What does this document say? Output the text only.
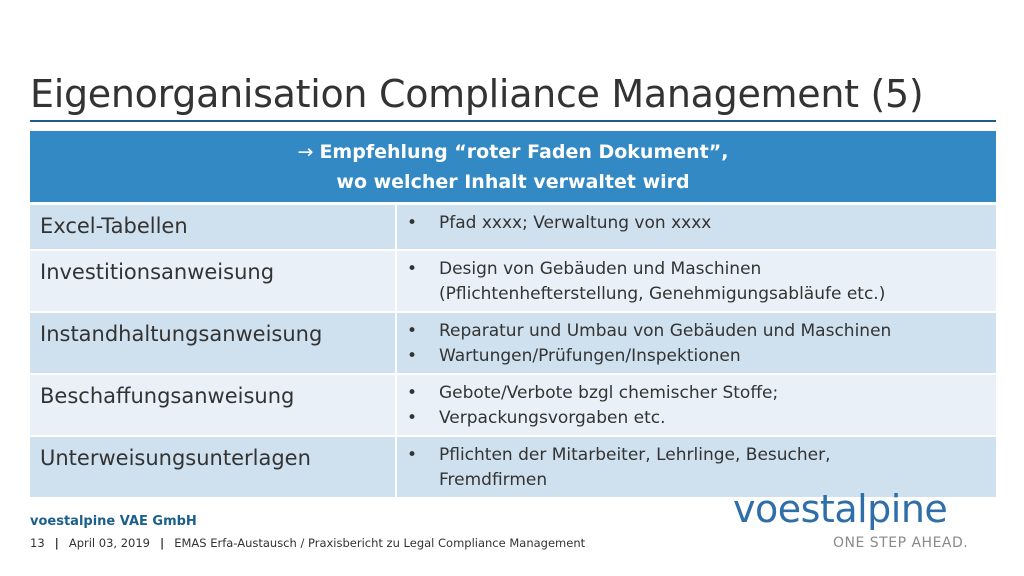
Eigenorganisation Compliance Management (5)
→ Empfehlung “roter Faden Dokument”,
wo welcher Inhalt verwaltet wird
Excel-Tabellen	•	Pfad xxxx; Verwaltung von xxxx
Investitionsanweisung	•	Design von Gebäuden und Maschinen
(Pflichtenhefterstellung, Genehmigungsabläufe etc.)
Instandhaltungsanweisung	•	Reparatur und Umbau von Gebäuden und Maschinen
•	Wartungen/Prüfungen/Inspektionen
Beschaffungsanweisung	•	Gebote/Verbote bzgl chemischer Stoffe;
•	Verpackungsvorgaben etc.
Unterweisungsunterlagen	•	Pflichten der Mitarbeiter, Lehrlinge, Besucher,
Fremdfirmen
voestalpine VAE GmbH
13 | April 03, 2019 | EMAS Erfa-Austausch / Praxisbericht zu Legal Compliance Management
voestalpine
ONE STEP AHEAD.
